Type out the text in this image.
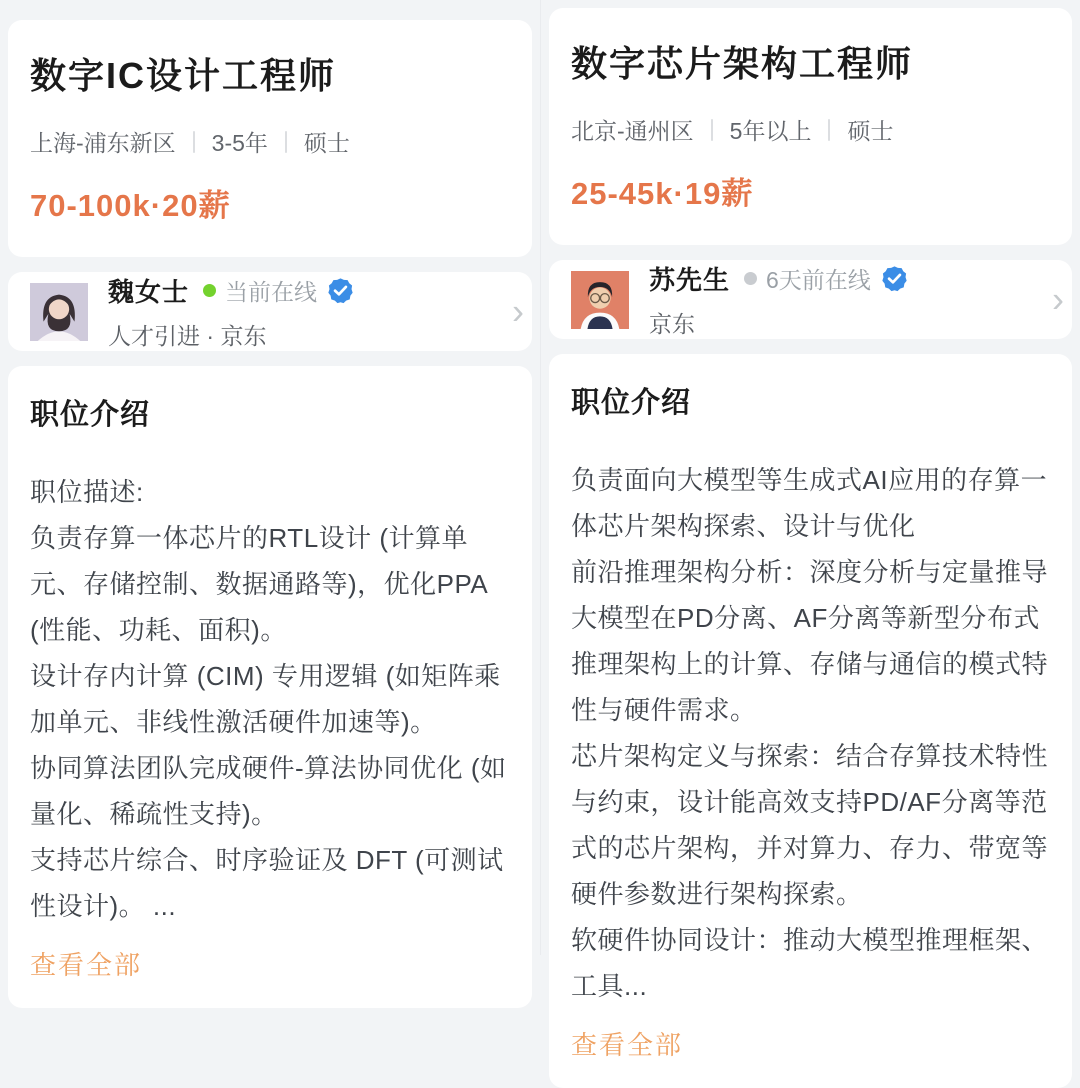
数字IC设计工程师
上海-浦东新区 3-5年 硕士
70-100k·20薪
魏女士 当前在线
人才引进 · 京东
›
职位介绍

职位描述:

负责存算一体芯片的RTL设计 (计算单元、存储控制、数据通路等)，优化PPA (性能、功耗、面积)。

设计存内计算 (CIM) 专用逻辑 (如矩阵乘加单元、非线性激活硬件加速等)。

协同算法团队完成硬件-算法协同优化 (如量化、稀疏性支持)。

支持芯片综合、时序验证及 DFT (可测试性设计)。 ...

查看全部
数字芯片架构工程师
北京-通州区 5年以上 硕士
25-45k·19薪
苏先生 6天前在线
京东
›
职位介绍

负责面向大模型等生成式AI应用的存算一体芯片架构探索、设计与优化

前沿推理架构分析：深度分析与定量推导大模型在PD分离、AF分离等新型分布式推理架构上的计算、存储与通信的模式特性与硬件需求。

芯片架构定义与探索：结合存算技术特性与约束，设计能高效支持PD/AF分离等范式的芯片架构，并对算力、存力、带宽等硬件参数进行架构探索。

软硬件协同设计：推动大模型推理框架、工具...

查看全部
